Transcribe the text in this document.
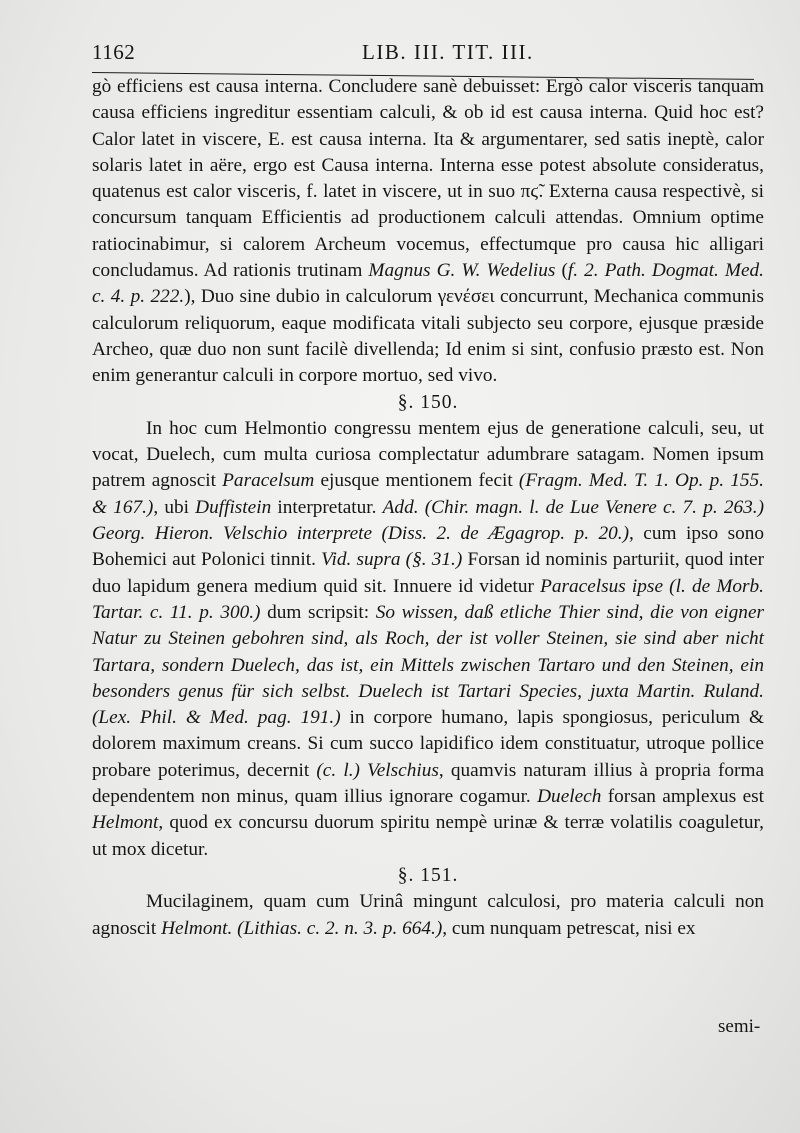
1162	LIB. III. TIT. III.

gò efficiens est causa interna. Concludere sanè debuisset: Ergò calor visceris tanquam causa efficiens ingreditur essentiam calculi, & ob id est causa interna. Quid hoc est? Calor latet in viscere, E. est causa interna. Ita & argumentarer, sed satis ineptè, calor solaris latet in aëre, ergo est Causa interna. Interna esse potest absolute consideratus, quatenus est calor visceris, f. latet in viscere, ut in suo πϛ̃. Externa causa respectivè, si concursum tanquam Efficientis ad productionem calculi attendas. Omnium optime ratiocinabimur, si calorem Archeum vocemus, effectumque pro causa hic alligari concludamus. Ad rationis trutinam Magnus G. W. Wedelius (f. 2. Path. Dogmat. Med. c. 4. p. 222.), Duo sine dubio in calculorum γενέσει concurrunt, Mechanica communis calculorum reliquorum, eaque modificata vitali subjecto seu corpore, ejusque præside Archeo, quæ duo non sunt facilè divellenda; Id enim si sint, confusio præsto est. Non enim generantur calculi in corpore mortuo, sed vivo.

§. 150.

In hoc cum Helmontio congressu mentem ejus de generatione calculi, seu, ut vocat, Duelech, cum multa curiosa complectatur adumbrare satagam. Nomen ipsum patrem agnoscit Paracelsum ejusque mentionem fecit (Fragm. Med. T. 1. Op. p. 155. & 167.), ubi Duffistein interpretatur. Add. (Chir. magn. l. de Lue Venere c. 7. p. 263.) Georg. Hieron. Velschio interprete (Diss. 2. de Ægagrop. p. 20.), cum ipso sono Bohemici aut Polonici tinnit. Vid. supra (§. 31.) Forsan id nominis parturiit, quod inter duo lapidum genera medium quid sit. Innuere id videtur Paracelsus ipse (l. de Morb. Tartar. c. 11. p. 300.) dum scripsit: So wissen, daß etliche Thier sind, die von eigner Natur zu Steinen gebohren sind, als Roch, der ist voller Steinen, sie sind aber nicht Tartara, sondern Duelech, das ist, ein Mittels zwischen Tartaro und den Steinen, ein besonders genus für sich selbst. Duelech ist Tartari Species, juxta Martin. Ruland. (Lex. Phil. & Med. pag. 191.) in corpore humano, lapis spongiosus, periculum & dolorem maximum creans. Si cum succo lapidifico idem constituatur, utroque pollice probare poterimus, decernit (c. l.) Velschius, quamvis naturam illius à propria forma dependentem non minus, quam illius ignorare cogamur. Duelech forsan amplexus est Helmont, quod ex concursu duorum spiritu nempè urinæ & terræ volatilis coaguletur, ut mox dicetur.

§. 151.

Mucilaginem, quam cum Urinâ mingunt calculosi, pro materia calculi non agnoscit Helmont. (Lithias. c. 2. n. 3. p. 664.), cum nunquam petrescat, nisi ex

semi-
